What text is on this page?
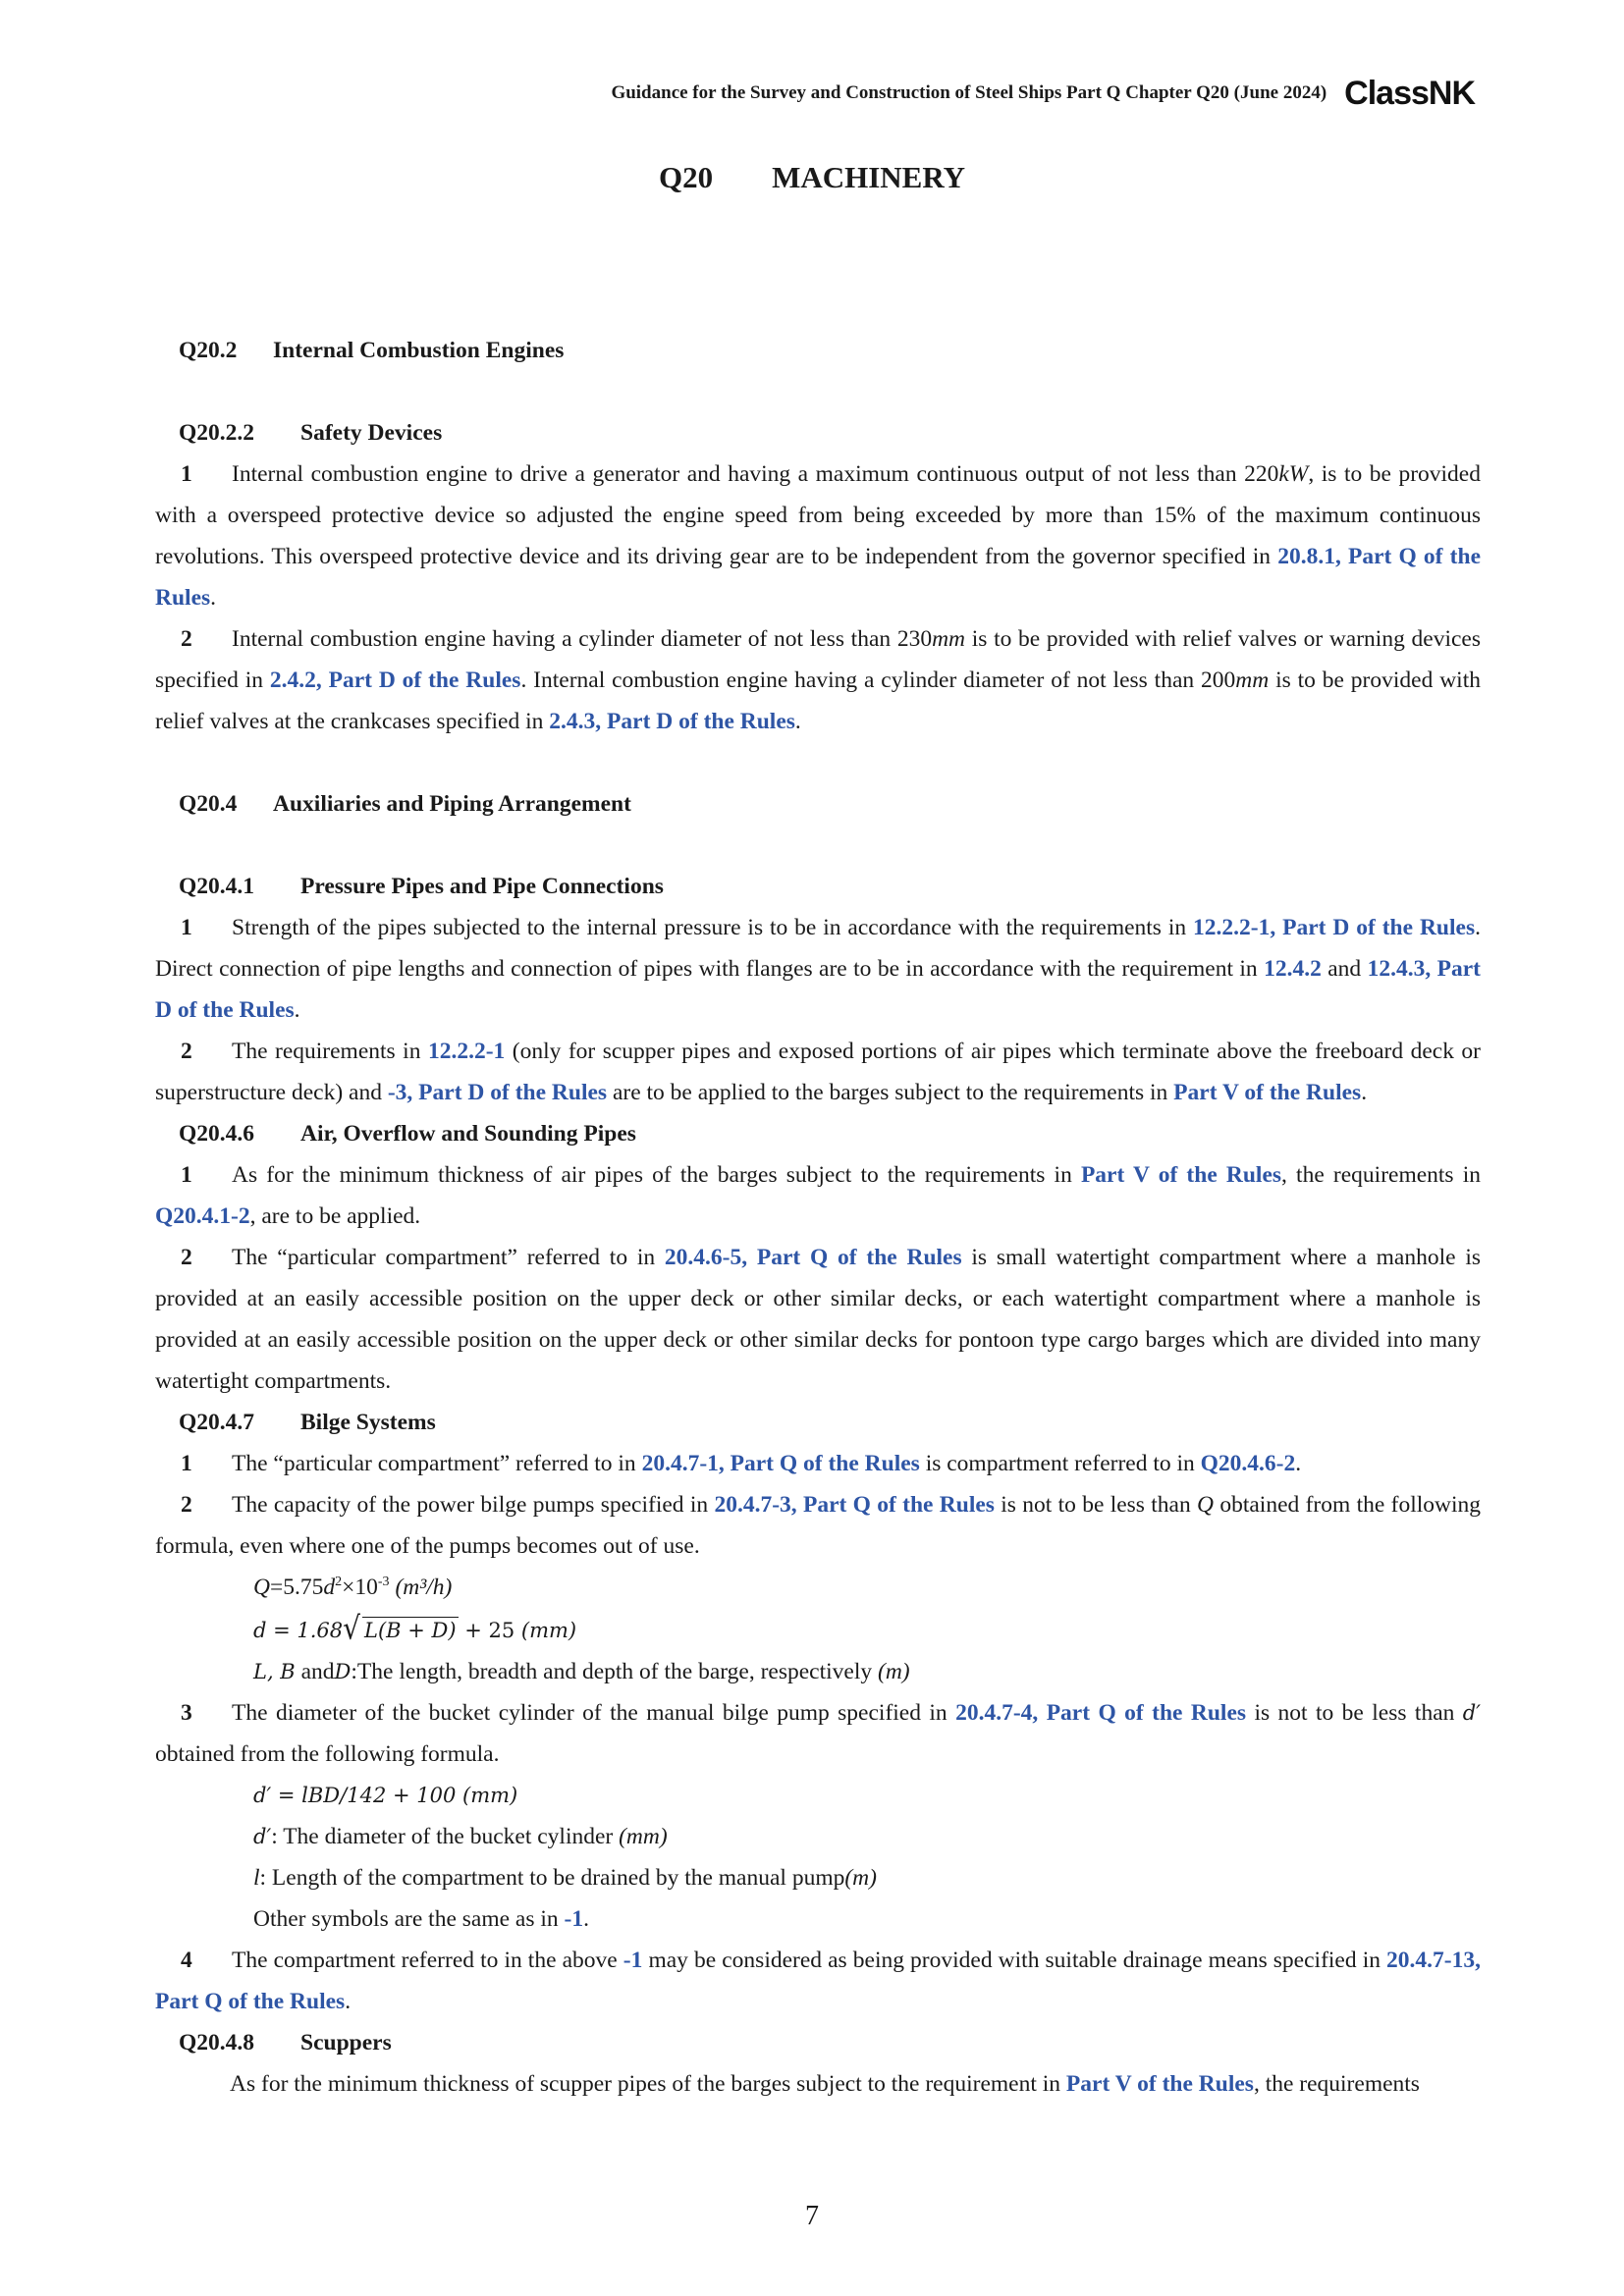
Guidance for the Survey and Construction of Steel Ships Part Q Chapter Q20 (June 2024) ClassNK
Q20 MACHINERY
Q20.2 Internal Combustion Engines
Q20.2.2 Safety Devices
1 Internal combustion engine to drive a generator and having a maximum continuous output of not less than 220kW, is to be provided with a overspeed protective device so adjusted the engine speed from being exceeded by more than 15% of the maximum continuous revolutions. This overspeed protective device and its driving gear are to be independent from the governor specified in 20.8.1, Part Q of the Rules.
2 Internal combustion engine having a cylinder diameter of not less than 230mm is to be provided with relief valves or warning devices specified in 2.4.2, Part D of the Rules. Internal combustion engine having a cylinder diameter of not less than 200mm is to be provided with relief valves at the crankcases specified in 2.4.3, Part D of the Rules.
Q20.4 Auxiliaries and Piping Arrangement
Q20.4.1 Pressure Pipes and Pipe Connections
1 Strength of the pipes subjected to the internal pressure is to be in accordance with the requirements in 12.2.2-1, Part D of the Rules. Direct connection of pipe lengths and connection of pipes with flanges are to be in accordance with the requirement in 12.4.2 and 12.4.3, Part D of the Rules.
2 The requirements in 12.2.2-1 (only for scupper pipes and exposed portions of air pipes which terminate above the freeboard deck or superstructure deck) and -3, Part D of the Rules are to be applied to the barges subject to the requirements in Part V of the Rules.
Q20.4.6 Air, Overflow and Sounding Pipes
1 As for the minimum thickness of air pipes of the barges subject to the requirements in Part V of the Rules, the requirements in Q20.4.1-2, are to be applied.
2 The “particular compartment” referred to in 20.4.6-5, Part Q of the Rules is small watertight compartment where a manhole is provided at an easily accessible position on the upper deck or other similar decks, or each watertight compartment where a manhole is provided at an easily accessible position on the upper deck or other similar decks for pontoon type cargo barges which are divided into many watertight compartments.
Q20.4.7 Bilge Systems
1 The “particular compartment” referred to in 20.4.7-1, Part Q of the Rules is compartment referred to in Q20.4.6-2.
2 The capacity of the power bilge pumps specified in 20.4.7-3, Part Q of the Rules is not to be less than Q obtained from the following formula, even where one of the pumps becomes out of use.
$Q=5.75d^2\times 10^{-3}$ (m³/h)
d = 1.68√ L(B + D) + 25 (mm)
L, B andD:The length, breadth and depth of the barge, respectively (m)
3 The diameter of the bucket cylinder of the manual bilge pump specified in 20.4.7-4, Part Q of the Rules is not to be less than d′ obtained from the following formula.
d′ = lBD/142 + 100 (mm)
d′ : The diameter of the bucket cylinder
(mm)
l : Length of the compartment to be drained by the manual pump (m)
Other symbols are the same as in -1.
4 The compartment referred to in the above -1 may be considered as being provided with suitable drainage means specified in 20.4.7-13, Part Q of the Rules.
Q20.4.8 Scuppers
As for the minimum thickness of scupper pipes of the barges subject to the requirement in Part V of the Rules, the requirements
7
